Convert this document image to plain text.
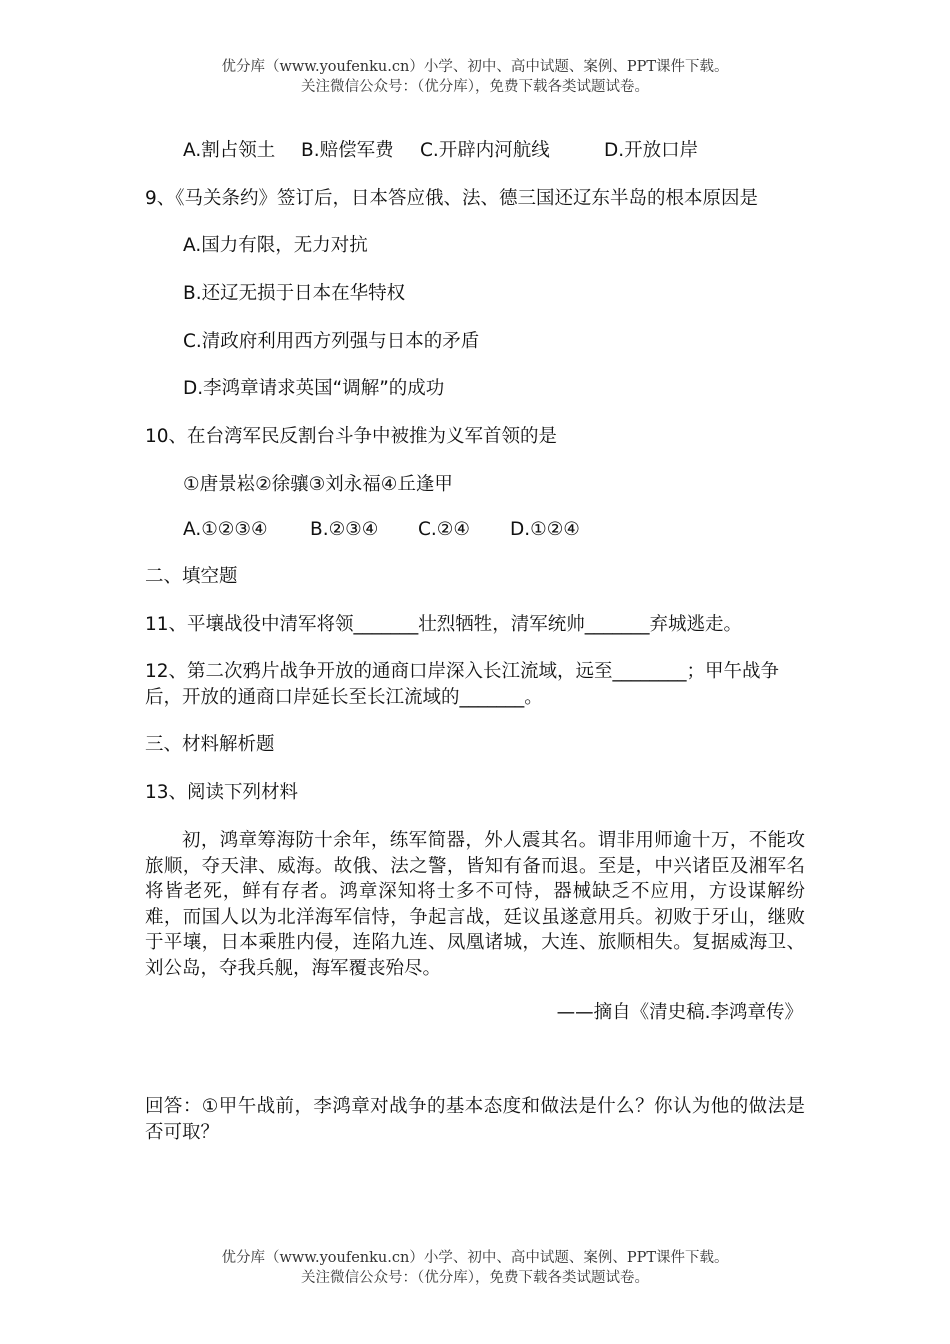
优分库（www.youfenku.cn）小学、初中、高中试题、案例、PPT课件下载。
关注微信公众号：（优分库），免费下载各类试题试卷。
A.割占领土 B.赔偿军费 C.开辟内河航线	D.开放口岸
9、《马关条约》签订后，日本答应俄、法、德三国还辽东半岛的根本原因是
A.国力有限，无力对抗
B.还辽无损于日本在华特权
C.清政府利用西方列强与日本的矛盾
D.李鸿章请求英国“调解”的成功
10、在台湾军民反割台斗争中被推为义军首领的是
①唐景崧②徐骧③刘永福④丘逢甲
A.①②③④ B.②③④ C.②④ D.①②④
二、填空题
11、平壤战役中清军将领_______壮烈牺牲，清军统帅_______弃城逃走。
12、第二次鸦片战争开放的通商口岸深入长江流域，远至________；甲午战争
后，开放的通商口岸延长至长江流域的_______。
三、材料解析题
13、阅读下列材料
初，鸿章筹海防十余年，练军简器，外人震其名。谓非用师逾十万，不能攻旅顺，夺天津、威海。故俄、法之警，皆知有备而退。至是，中兴诸臣及湘军名将皆老死，鲜有存者。鸿章深知将士多不可恃，器械缺乏不应用，方设谋解纷难，而国人以为北洋海军信恃，争起言战，廷议虽遂意用兵。初败于牙山，继败于平壤，日本乘胜内侵，连陷九连、凤凰诸城，大连、旅顺相失。复据威海卫、刘公岛，夺我兵舰，海军覆丧殆尽。
——摘自《清史稿.李鸿章传》
回答：①甲午战前，李鸿章对战争的基本态度和做法是什么？你认为他的做法是否可取？
优分库（www.youfenku.cn）小学、初中、高中试题、案例、PPT课件下载。
关注微信公众号：（优分库），免费下载各类试题试卷。
